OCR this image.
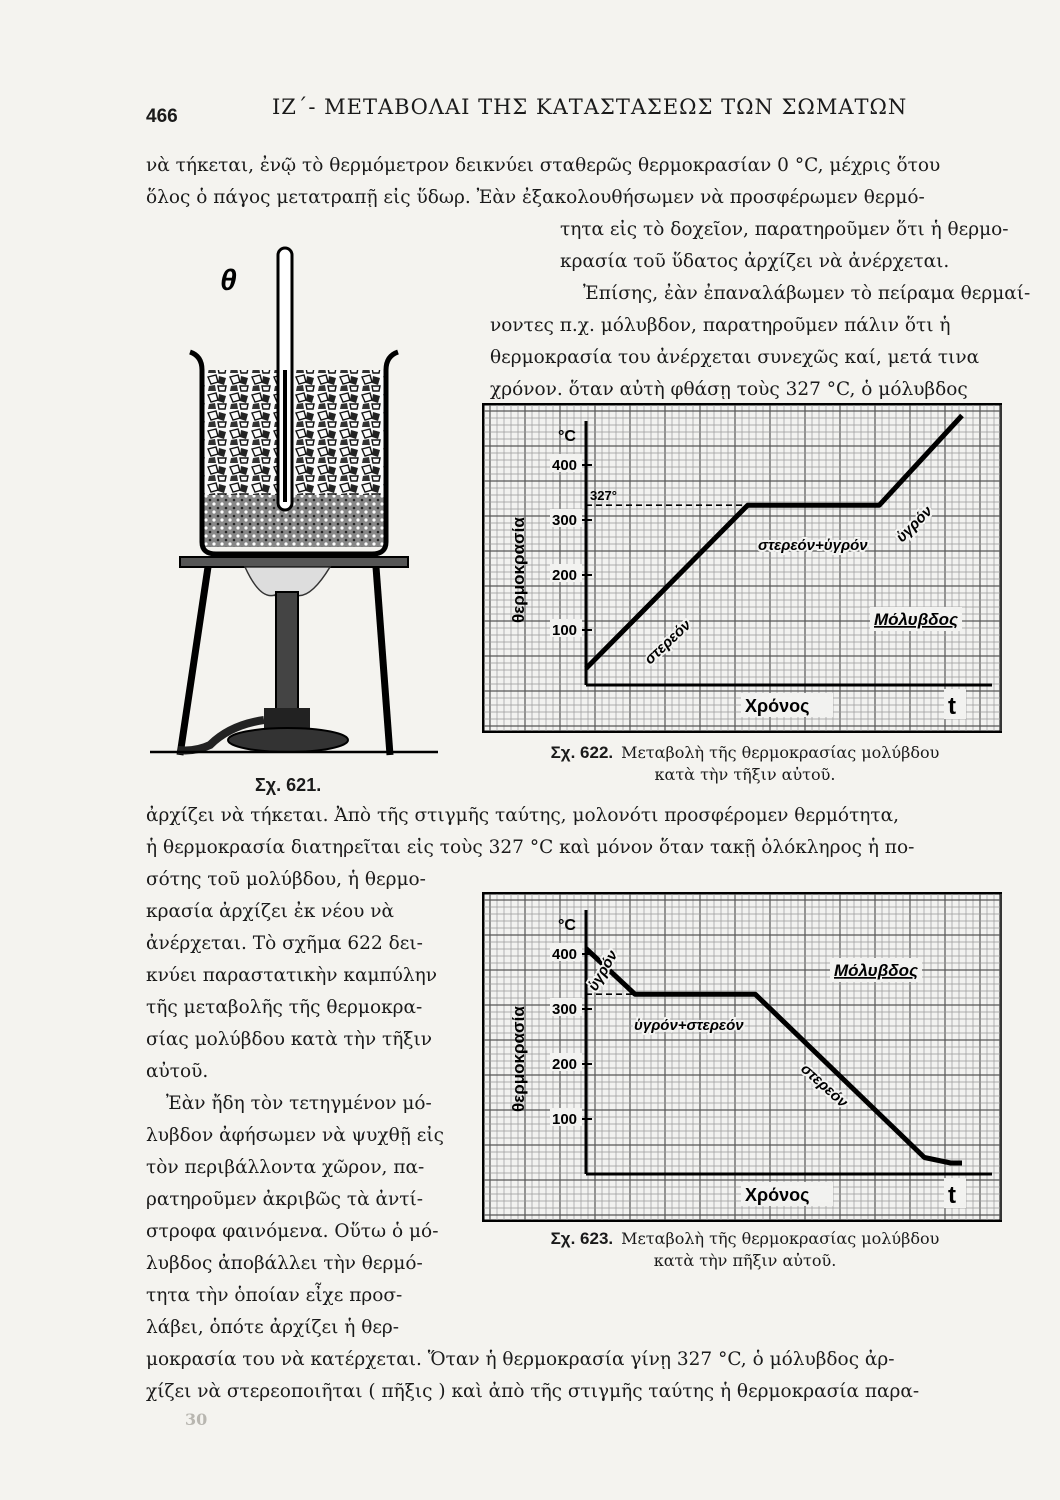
466	ΙΖ΄- ΜΕΤΑΒΟΛΑΙ ΤΗΣ ΚΑΤΑΣΤΑΣΕΩΣ ΤΩΝ ΣΩΜΑΤΩΝ
νὰ τήκεται, ἐνῷ τὸ θερμόμετρον δεικνύει σταθερῶς θερμοκρασίαν 0 °C, μέχρις ὅτου
ὅλος ὁ πάγος μετατραπῇ εἰς ὕδωρ. Ἐὰν ἐξακολουθήσωμεν νὰ προσφέρωμεν θερμό-
τητα εἰς τὸ δοχεῖον, παρατηροῦμεν ὅτι ἡ θερμο-
κρασία τοῦ ὕδατος ἀρχίζει νὰ ἀνέρχεται.
Ἐπίσης, ἐὰν ἐπαναλάβωμεν τὸ πείραμα θερμαί-
νοντες π.χ. μόλυβδον, παρατηροῦμεν πάλιν ὅτι ἡ
θερμοκρασία του ἀνέρχεται συνεχῶς καί, μετά τινα
χρόνον. ὅταν αὐτὴ φθάσῃ τοὺς 327 °C, ὁ μόλυβδος
θ
Σχ. 621.
°C
400
300
200
100
θερμοκρασία
Χρόνος	t
327°
Μόλυβδος
στερεόν
στερεόν+ὑγρόν ὑγρόν
Σχ. 622. Μεταβολὴ τῆς θερμοκρασίας μολύβδου
κατὰ τὴν τῆξιν αὐτοῦ.
ἀρχίζει νὰ τήκεται. Ἀπὸ τῆς στιγμῆς ταύτης, μολονότι προσφέρομεν θερμότητα,
ἡ θερμοκρασία διατηρεῖται εἰς τοὺς 327 °C καὶ μόνον ὅταν τακῇ ὁλόκληρος ἡ πο-
σότης τοῦ μολύβδου, ἡ θερμο-
κρασία ἀρχίζει ἐκ νέου νὰ
ἀνέρχεται. Τὸ σχῆμα 622 δει-
κνύει παραστατικὴν καμπύλην
τῆς μεταβολῆς τῆς θερμοκρα-
σίας μολύβδου κατὰ τὴν τῆξιν
αὐτοῦ.
Ἐὰν ἤδη τὸν τετηγμένον μό-
λυβδον ἀφήσωμεν νὰ ψυχθῇ εἰς
τὸν περιβάλλοντα χῶρον, πα-
ρατηροῦμεν ἀκριβῶς τὰ ἀντί-
στροφα φαινόμενα. Οὕτω ὁ μό-
λυβδος ἀποβάλλει τὴν θερμό-
τητα τὴν ὁποίαν εἶχε προσ-
λάβει, ὁπότε ἀρχίζει ἡ θερ-
°C
400
300
200
100
θερμοκρασία
Χρόνος	t
Μόλυβδος
ὑγρόν
ὑγρόν+στερεόν
στερεόν
Σχ. 623. Μεταβολὴ τῆς θερμοκρασίας μολύβδου
κατὰ τὴν πῆξιν αὐτοῦ.
μοκρασία του νὰ κατέρχεται. Ὅταν ἡ θερμοκρασία γίνῃ 327 °C, ὁ μόλυβδος ἀρ-
χίζει νὰ στερεοποιῆται ( πῆξις ) καὶ ἀπὸ τῆς στιγμῆς ταύτης ἡ θερμοκρασία παρα-
30
